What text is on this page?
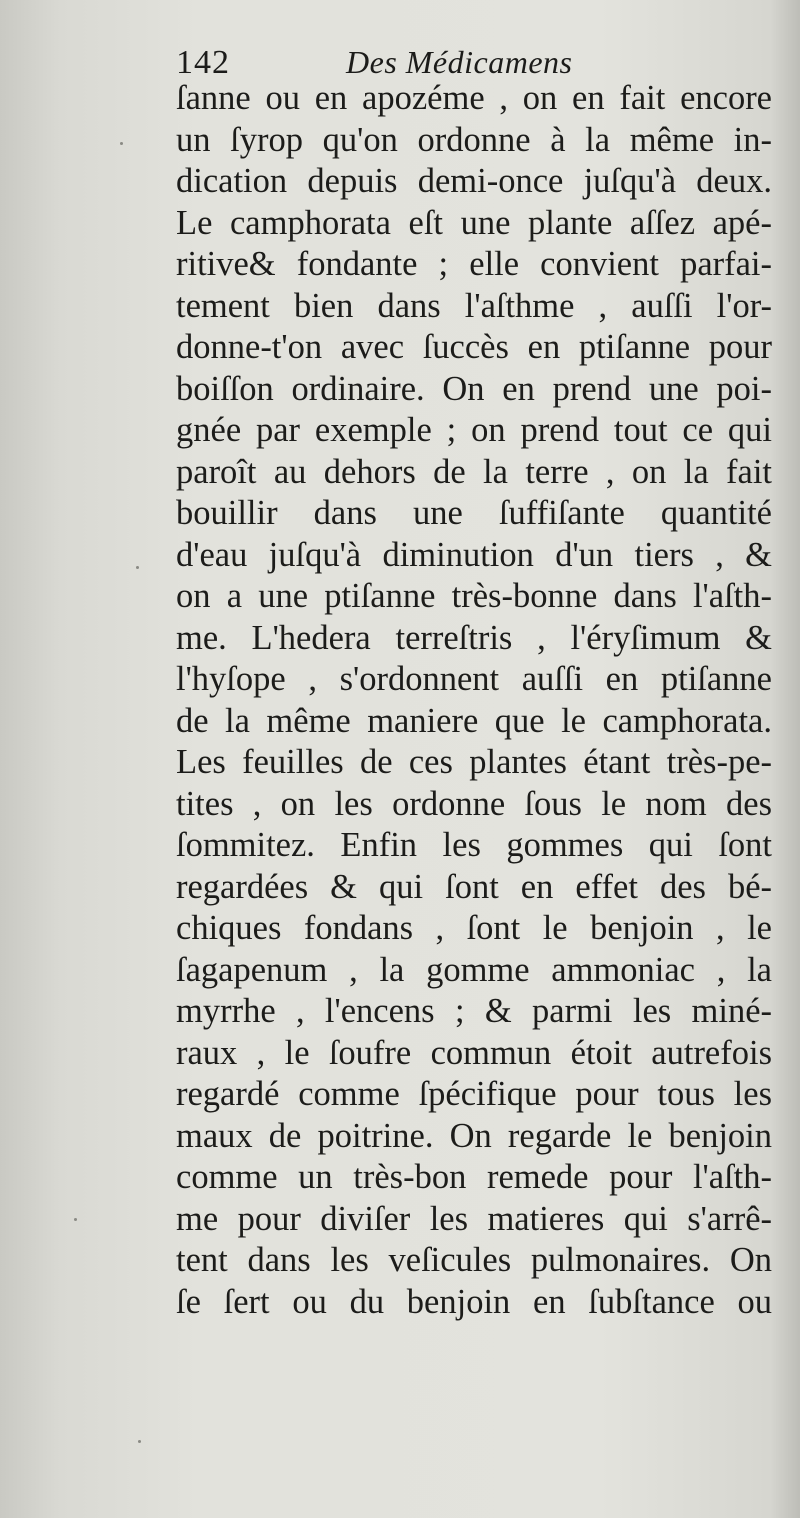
142	Des Médicamens
ſanne ou en apozéme , on en fait encore
un ſyrop qu'on ordonne à la même in-
dication depuis demi-once juſqu'à deux.
Le camphorata eſt une plante aſſez apé-
ritive& fondante ; elle convient parfai-
tement bien dans l'aſthme , auſſi l'or-
donne-t'on avec ſuccès en ptiſanne pour
boiſſon ordinaire. On en prend une poi-
gnée par exemple ; on prend tout ce qui
paroît au dehors de la terre , on la fait
bouillir dans une ſuffiſante quantité
d'eau juſqu'à diminution d'un tiers , &
on a une ptiſanne très-bonne dans l'aſth-
me. L'hedera terreſtris , l'éryſimum &
l'hyſope , s'ordonnent auſſi en ptiſanne
de la même maniere que le camphorata.
Les feuilles de ces plantes étant très-pe-
tites , on les ordonne ſous le nom des
ſommitez. Enfin les gommes qui ſont
regardées & qui ſont en effet des bé-
chiques fondans , ſont le benjoin , le
ſagapenum , la gomme ammoniac , la
myrrhe , l'encens ; & parmi les miné-
raux , le ſoufre commun étoit autrefois
regardé comme ſpécifique pour tous les
maux de poitrine. On regarde le benjoin
comme un très-bon remede pour l'aſth-
me pour diviſer les matieres qui s'arrê-
tent dans les veſicules pulmonaires. On
ſe ſert ou du benjoin en ſubſtance ou
